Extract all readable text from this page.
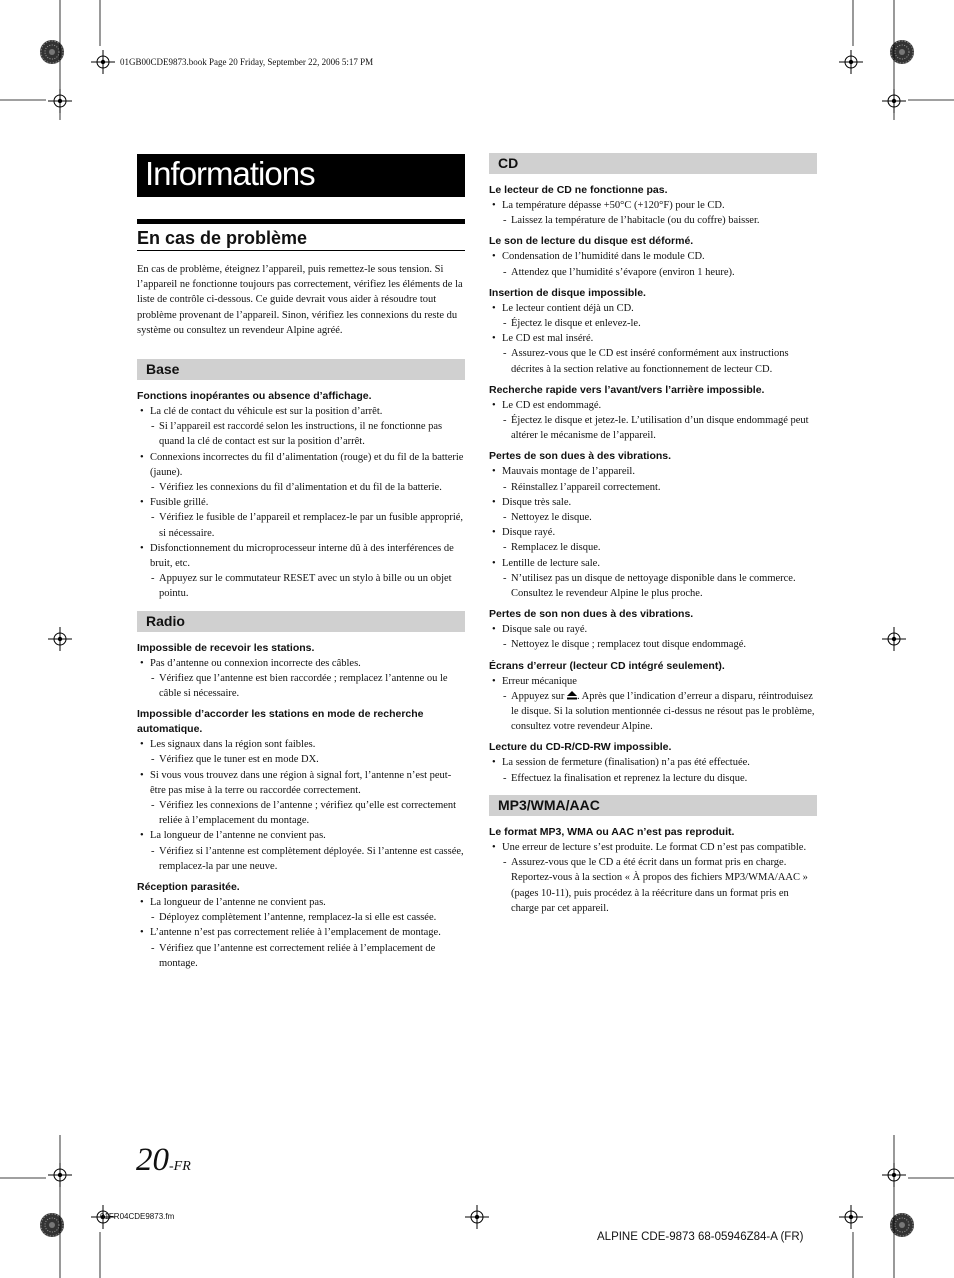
01GB00CDE9873.book Page 20 Friday, September 22, 2006 5:17 PM
Informations
En cas de problème
En cas de problème, éteignez l’appareil, puis remettez-le sous tension. Si l’appareil ne fonctionne toujours pas correctement, vérifiez les éléments de la liste de contrôle ci-dessous. Ce guide devrait vous aider à résoudre tout problème provenant de l’appareil. Sinon, vérifiez les connexions du reste du système ou consultez un revendeur Alpine agréé.
Base

Fonctions inopérantes ou absence d’affichage.

• La clé de contact du véhicule est sur la position d’arrêt.

- Si l’appareil est raccordé selon les instructions, il ne fonctionne pas quand la clé de contact est sur la position d’arrêt.

• Connexions incorrectes du fil d’alimentation (rouge) et du fil de la batterie (jaune).

- Vérifiez les connexions du fil d’alimentation et du fil de la batterie.

• Fusible grillé.

- Vérifiez le fusible de l’appareil et remplacez-le par un fusible approprié, si nécessaire.

• Disfonctionnement du microprocesseur interne dû à des interférences de bruit, etc.

- Appuyez sur le commutateur RESET avec un stylo à bille ou un objet pointu.

Radio

Impossible de recevoir les stations.

• Pas d’antenne ou connexion incorrecte des câbles.

- Vérifiez que l’antenne est bien raccordée ; remplacez l’antenne ou le câble si nécessaire.

Impossible d’accorder les stations en mode de recherche automatique.

• Les signaux dans la région sont faibles.

- Vérifiez que le tuner est en mode DX.

• Si vous vous trouvez dans une région à signal fort, l’antenne n’est peut-être pas mise à la terre ou raccordée correctement.

- Vérifiez les connexions de l’antenne ; vérifiez qu’elle est correctement reliée à l’emplacement du montage.

• La longueur de l’antenne ne convient pas.

- Vérifiez si l’antenne est complètement déployée. Si l’antenne est cassée, remplacez-la par une neuve.

Réception parasitée.

• La longueur de l’antenne ne convient pas.

- Déployez complètement l’antenne, remplacez-la si elle est cassée.

• L’antenne n’est pas correctement reliée à l’emplacement de montage.

- Vérifiez que l’antenne est correctement reliée à l’emplacement de montage.

CD

Le lecteur de CD ne fonctionne pas.

• La température dépasse +50°C (+120°F) pour le CD.

- Laissez la température de l’habitacle (ou du coffre) baisser.

Le son de lecture du disque est déformé.

• Condensation de l’humidité dans le module CD.

- Attendez que l’humidité s’évapore (environ 1 heure).

Insertion de disque impossible.

• Le lecteur contient déjà un CD.

- Éjectez le disque et enlevez-le.

• Le CD est mal inséré.

- Assurez-vous que le CD est inséré conformément aux instructions décrites à la section relative au fonctionnement de lecteur CD.

Recherche rapide vers l’avant/vers l’arrière impossible.

• Le CD est endommagé.

- Éjectez le disque et jetez-le. L’utilisation d’un disque endommagé peut altérer le mécanisme de l’appareil.

Pertes de son dues à des vibrations.

• Mauvais montage de l’appareil.

- Réinstallez l’appareil correctement.

• Disque très sale.

- Nettoyez le disque.

• Disque rayé.

- Remplacez le disque.

• Lentille de lecture sale.

- N’utilisez pas un disque de nettoyage disponible dans le commerce. Consultez le revendeur Alpine le plus proche.

Pertes de son non dues à des vibrations.

• Disque sale ou rayé.

- Nettoyez le disque ; remplacez tout disque endommagé.

Écrans d’erreur (lecteur CD intégré seulement).

• Erreur mécanique

- Appuyez sur . Après que l’indication d’erreur a disparu, réintroduisez le disque. Si la solution mentionnée ci-dessus ne résout pas le problème, consultez votre revendeur Alpine.

Lecture du CD-R/CD-RW impossible.

• La session de fermeture (finalisation) n’a pas été effectuée.

- Effectuez la finalisation et reprenez la lecture du disque.

MP3/WMA/AAC

Le format MP3, WMA ou AAC n’est pas reproduit.

• Une erreur de lecture s’est produite. Le format CD n’est pas compatible.

- Assurez-vous que le CD a été écrit dans un format pris en charge. Reportez-vous à la section « À propos des fichiers MP3/WMA/AAC » (pages 10-11), puis procédez à la réécriture dans un format pris en charge par cet appareil.

20-FR
01FR04CDE9873.fm
ALPINE CDE-9873 68-05946Z84-A (FR)
